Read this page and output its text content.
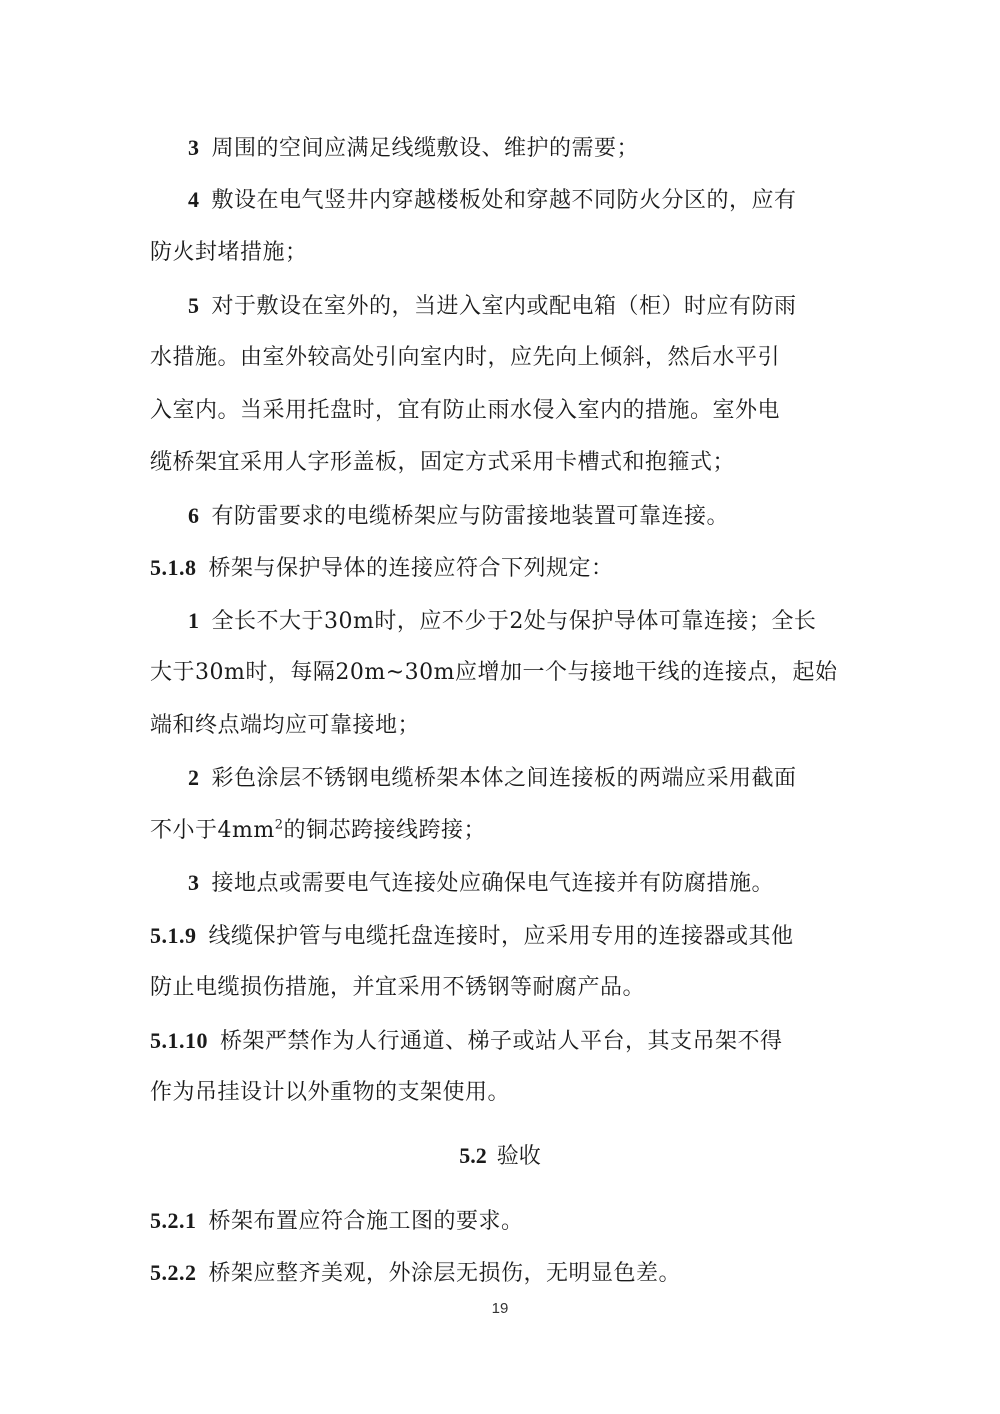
3 周围的空间应满足线缆敷设、维护的需要；
4 敷设在电气竖井内穿越楼板处和穿越不同防火分区的，应有
防火封堵措施；
5 对于敷设在室外的，当进入室内或配电箱（柜）时应有防雨
水措施。由室外较高处引向室内时，应先向上倾斜，然后水平引
入室内。当采用托盘时，宜有防止雨水侵入室内的措施。室外电
缆桥架宜采用人字形盖板，固定方式采用卡槽式和抱箍式；
6 有防雷要求的电缆桥架应与防雷接地装置可靠连接。
5.1.8 桥架与保护导体的连接应符合下列规定：
1 全长不大于30m时，应不少于2处与保护导体可靠连接；全长
大于30m时，每隔20m~30m应增加一个与接地干线的连接点，起始
端和终点端均应可靠接地；
2 彩色涂层不锈钢电缆桥架本体之间连接板的两端应采用截面
不小于$4mm^2$的铜芯跨接线跨接；
3 接地点或需要电气连接处应确保电气连接并有防腐措施。
5.1.9 线缆保护管与电缆托盘连接时，应采用专用的连接器或其他
防止电缆损伤措施，并宜采用不锈钢等耐腐产品。
5.1.10 桥架严禁作为人行通道、梯子或站人平台，其支吊架不得
作为吊挂设计以外重物的支架使用。
5.2 验收
5.2.1 桥架布置应符合施工图的要求。
5.2.2 桥架应整齐美观，外涂层无损伤，无明显色差。
19
